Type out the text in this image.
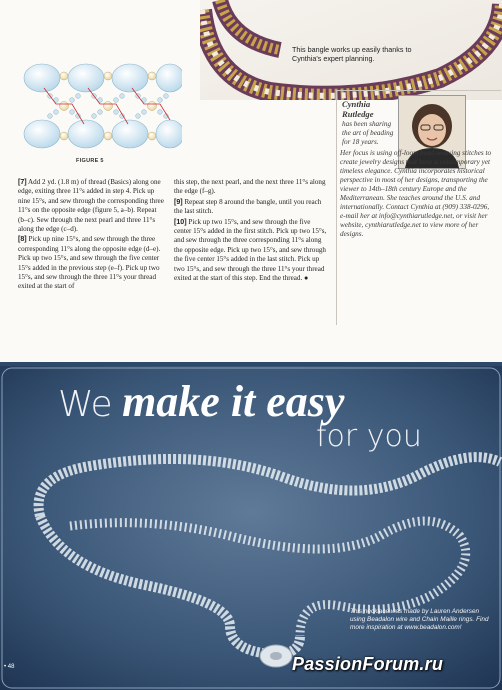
FIGURE 5
This bangle works up easily thanks to Cynthia's expert planning.
Cynthia Rutledge
has been sharing the art of beading for 18 years.
Her focus is using off-loom bead-weaving stitches to create jewelry designs that have a contemporary yet timeless elegance. Cynthia incorporates historical perspective in most of her designs, transporting the viewer to 14th–18th century Europe and the Mediterranean. She teaches around the U.S. and internationally. Contact Cynthia at (909) 338-0296, e-mail her at info@cynthiarutledge.net, or visit her website, cynthiarutledge.net to view more of her designs.

[7] Add 2 yd. (1.8 m) of thread (Basics) along one edge, exiting three 11°s added in step 4. Pick up nine 15°s, and sew through the corresponding three 11°s on the opposite edge (figure 5, a–b). Repeat (b–c). Sew through the next pearl and three 11°s along the edge (c–d).

[8] Pick up nine 15°s, and sew through the three corresponding 11°s along the opposite edge (d–e). Pick up two 15°s, and sew through the five center 15°s added in the previous step (e–f). Pick up two 15°s, and sew through the three 11°s your thread exited at the start of

this step, the next pearl, and the next three 11°s along the edge (f–g).

[9] Repeat step 8 around the bangle, until you reach the last stitch.

[10] Pick up two 15°s, and sew through the five center 15°s added in the first stitch. Pick up two 15°s, and sew through the three corresponding 11°s along the opposite edge. Pick up two 15°s, and sew through the five center 15°s added in the last stitch. Pick up two 15°s, and sew through the three 11°s your thread exited at the start of this step. End the thread. ●

We make it easy
for you
This necklace was made by Lauren Andersen using Beadalon wire and Chain Maille rings. Find more inspiration at www.beadalon.com!
• 48	PassionForum.ru
